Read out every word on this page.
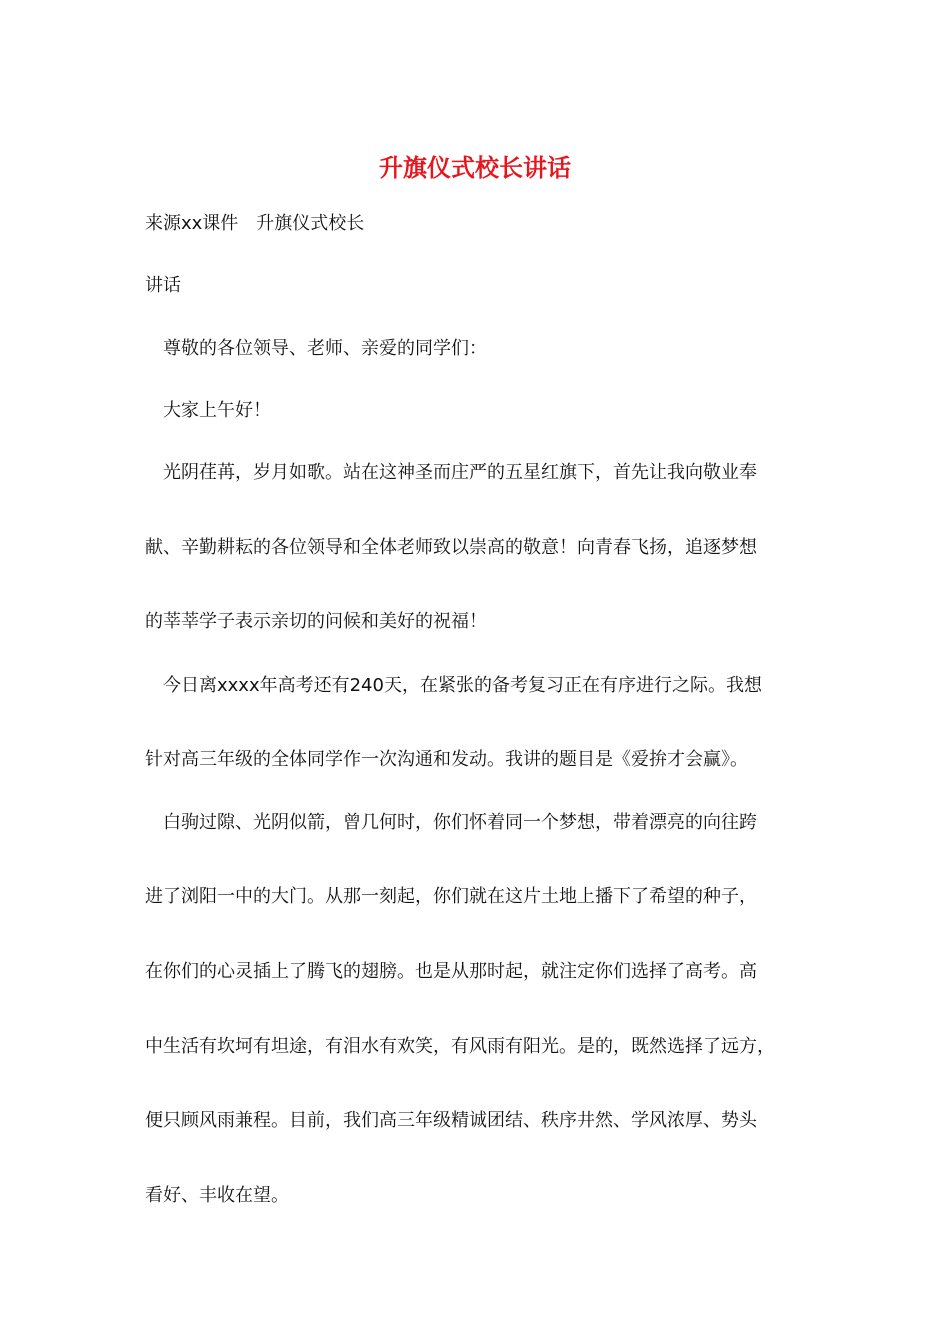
升旗仪式校长讲话
来源xx课件　升旗仪式校长
讲话
尊敬的各位领导、老师、亲爱的同学们：
大家上午好！
光阴荏苒，岁月如歌。站在这神圣而庄严的五星红旗下，首先让我向敬业奉
献、辛勤耕耘的各位领导和全体老师致以崇高的敬意！向青春飞扬，追逐梦想
的莘莘学子表示亲切的问候和美好的祝福！
今日离xxxx年高考还有240天，在紧张的备考复习正在有序进行之际。我想
针对高三年级的全体同学作一次沟通和发动。我讲的题目是《爱拚才会赢》。
白驹过隙、光阴似箭，曾几何时，你们怀着同一个梦想，带着漂亮的向往跨
进了浏阳一中的大门。从那一刻起，你们就在这片土地上播下了希望的种子，
在你们的心灵插上了腾飞的翅膀。也是从那时起，就注定你们选择了高考。高
中生活有坎坷有坦途，有泪水有欢笑，有风雨有阳光。是的，既然选择了远方，
便只顾风雨兼程。目前，我们高三年级精诚团结、秩序井然、学风浓厚、势头
看好、丰收在望。
